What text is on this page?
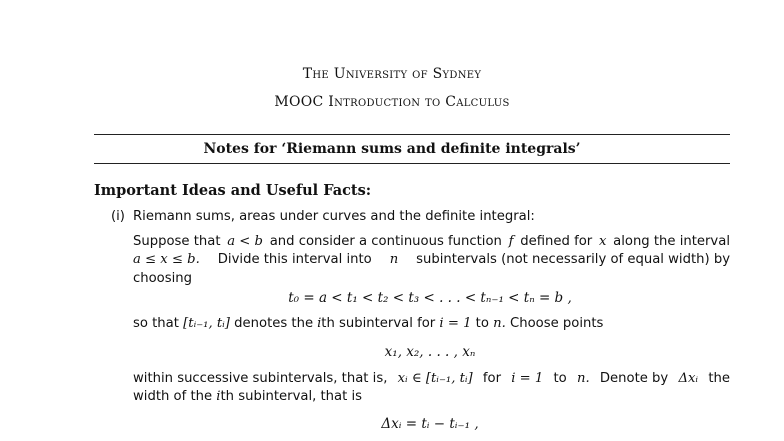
The University of Sydney
MOOC Introduction to Calculus
Notes for ‘Riemann sums and definite integrals’
Important Ideas and Useful Facts:
(i) Riemann sums, areas under curves and the definite integral:
Suppose that a < b and consider a continuous function f defined for x along the interval
a ≤ x ≤ b. Divide this interval into n subintervals (not necessarily of equal width) by
choosing
t₀ = a < t₁ < t₂ < t₃ < . . . < tₙ₋₁ < tₙ = b ,
so that [tᵢ₋₁, tᵢ] denotes the ith subinterval for i = 1 to n. Choose points
x₁, x₂, . . . , xₙ
within successive subintervals, that is, xᵢ ∈ [tᵢ₋₁, tᵢ] for i = 1 to n. Denote by Δxᵢ the
width of the ith subinterval, that is
Δxᵢ = tᵢ − tᵢ₋₁ ,
